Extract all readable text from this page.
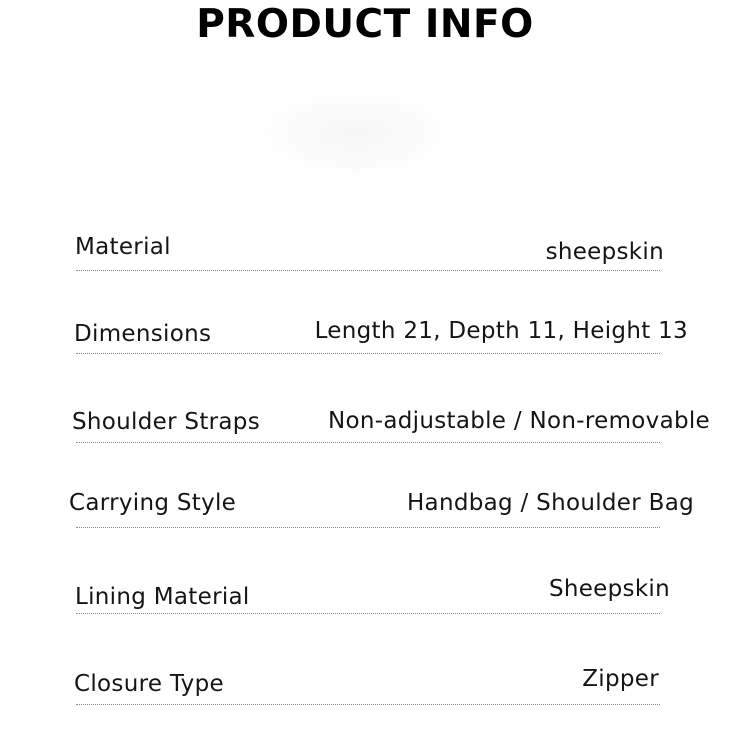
PRODUCT INFO
Material	sheepskin
Dimensions	Length 21, Depth 11, Height 13
Shoulder Straps	Non-adjustable / Non-removable
Carrying Style	Handbag / Shoulder Bag
Lining Material	Sheepskin
Closure Type	Zipper
